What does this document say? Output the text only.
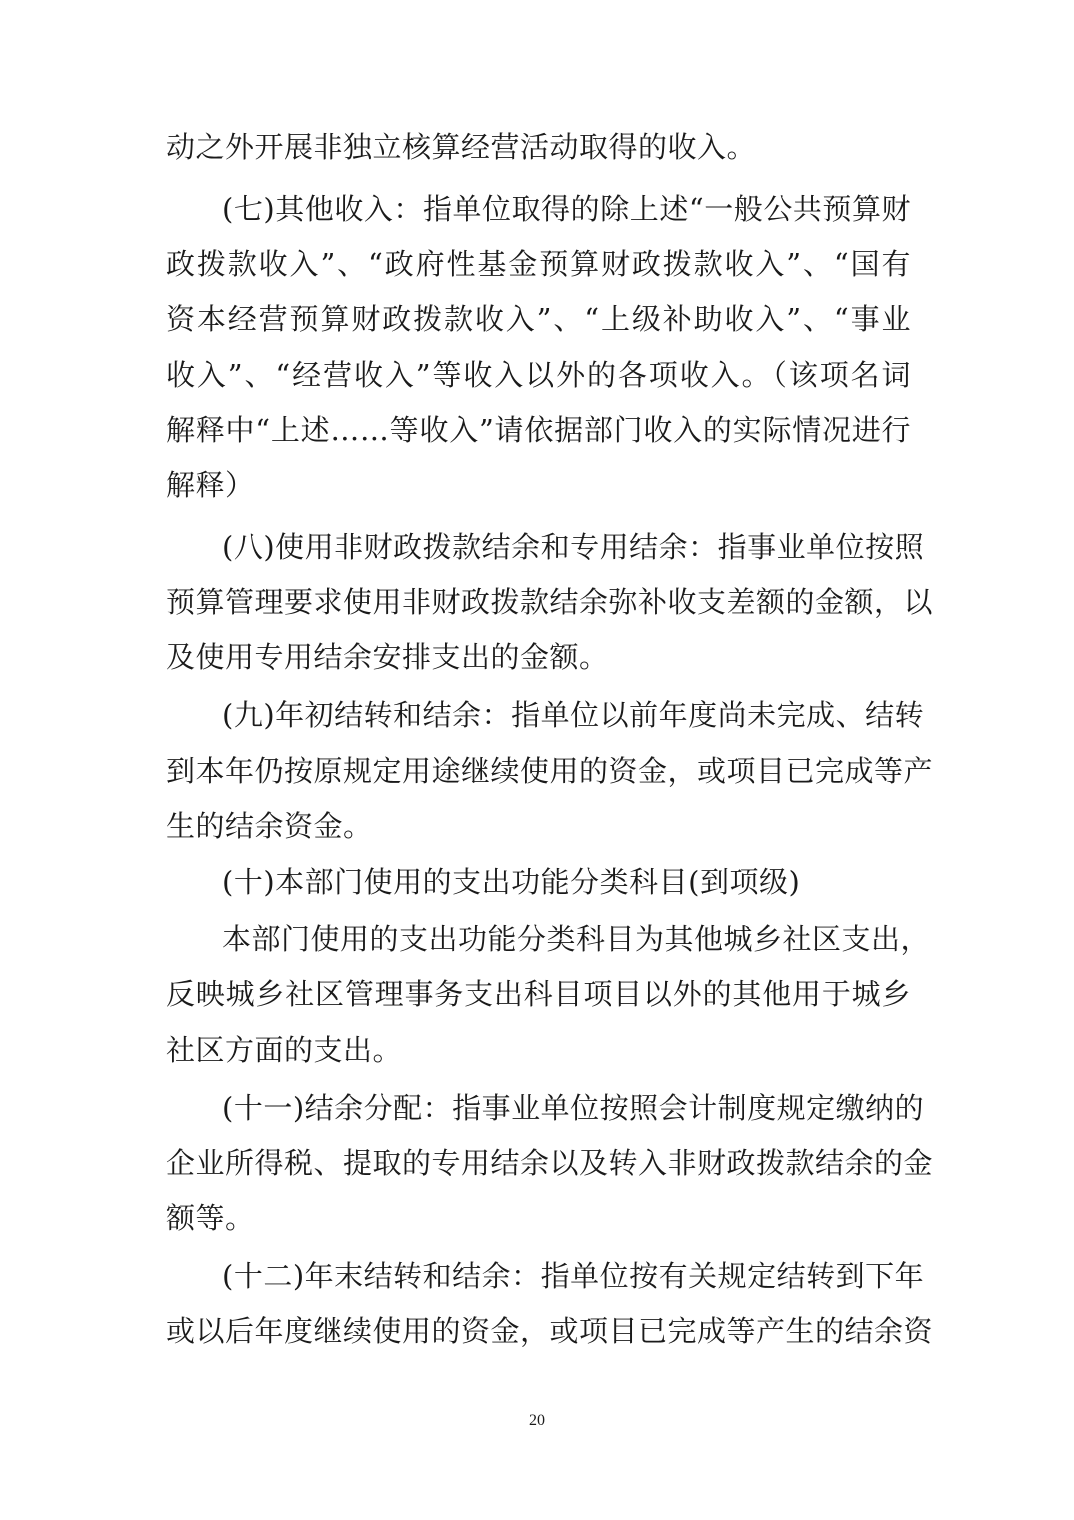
动之外开展非独立核算经营活动取得的收入。
(七)其他收入：指单位取得的除上述“一般公共预算财
政拨款收入”、“政府性基金预算财政拨款收入”、“国有
资本经营预算财政拨款收入”、“上级补助收入”、“事业
收入”、“经营收入”等收入以外的各项收入。（该项名词
解释中“上述……等收入”请依据部门收入的实际情况进行
解释）
(八)使用非财政拨款结余和专用结余：指事业单位按照
预算管理要求使用非财政拨款结余弥补收支差额的金额，以
及使用专用结余安排支出的金额。
(九)年初结转和结余：指单位以前年度尚未完成、结转
到本年仍按原规定用途继续使用的资金，或项目已完成等产
生的结余资金。
(十)本部门使用的支出功能分类科目(到项级)
本部门使用的支出功能分类科目为其他城乡社区支出，
反映城乡社区管理事务支出科目项目以外的其他用于城乡
社区方面的支出。
(十一)结余分配：指事业单位按照会计制度规定缴纳的
企业所得税、提取的专用结余以及转入非财政拨款结余的金
额等。
(十二)年末结转和结余：指单位按有关规定结转到下年
或以后年度继续使用的资金，或项目已完成等产生的结余资
20
